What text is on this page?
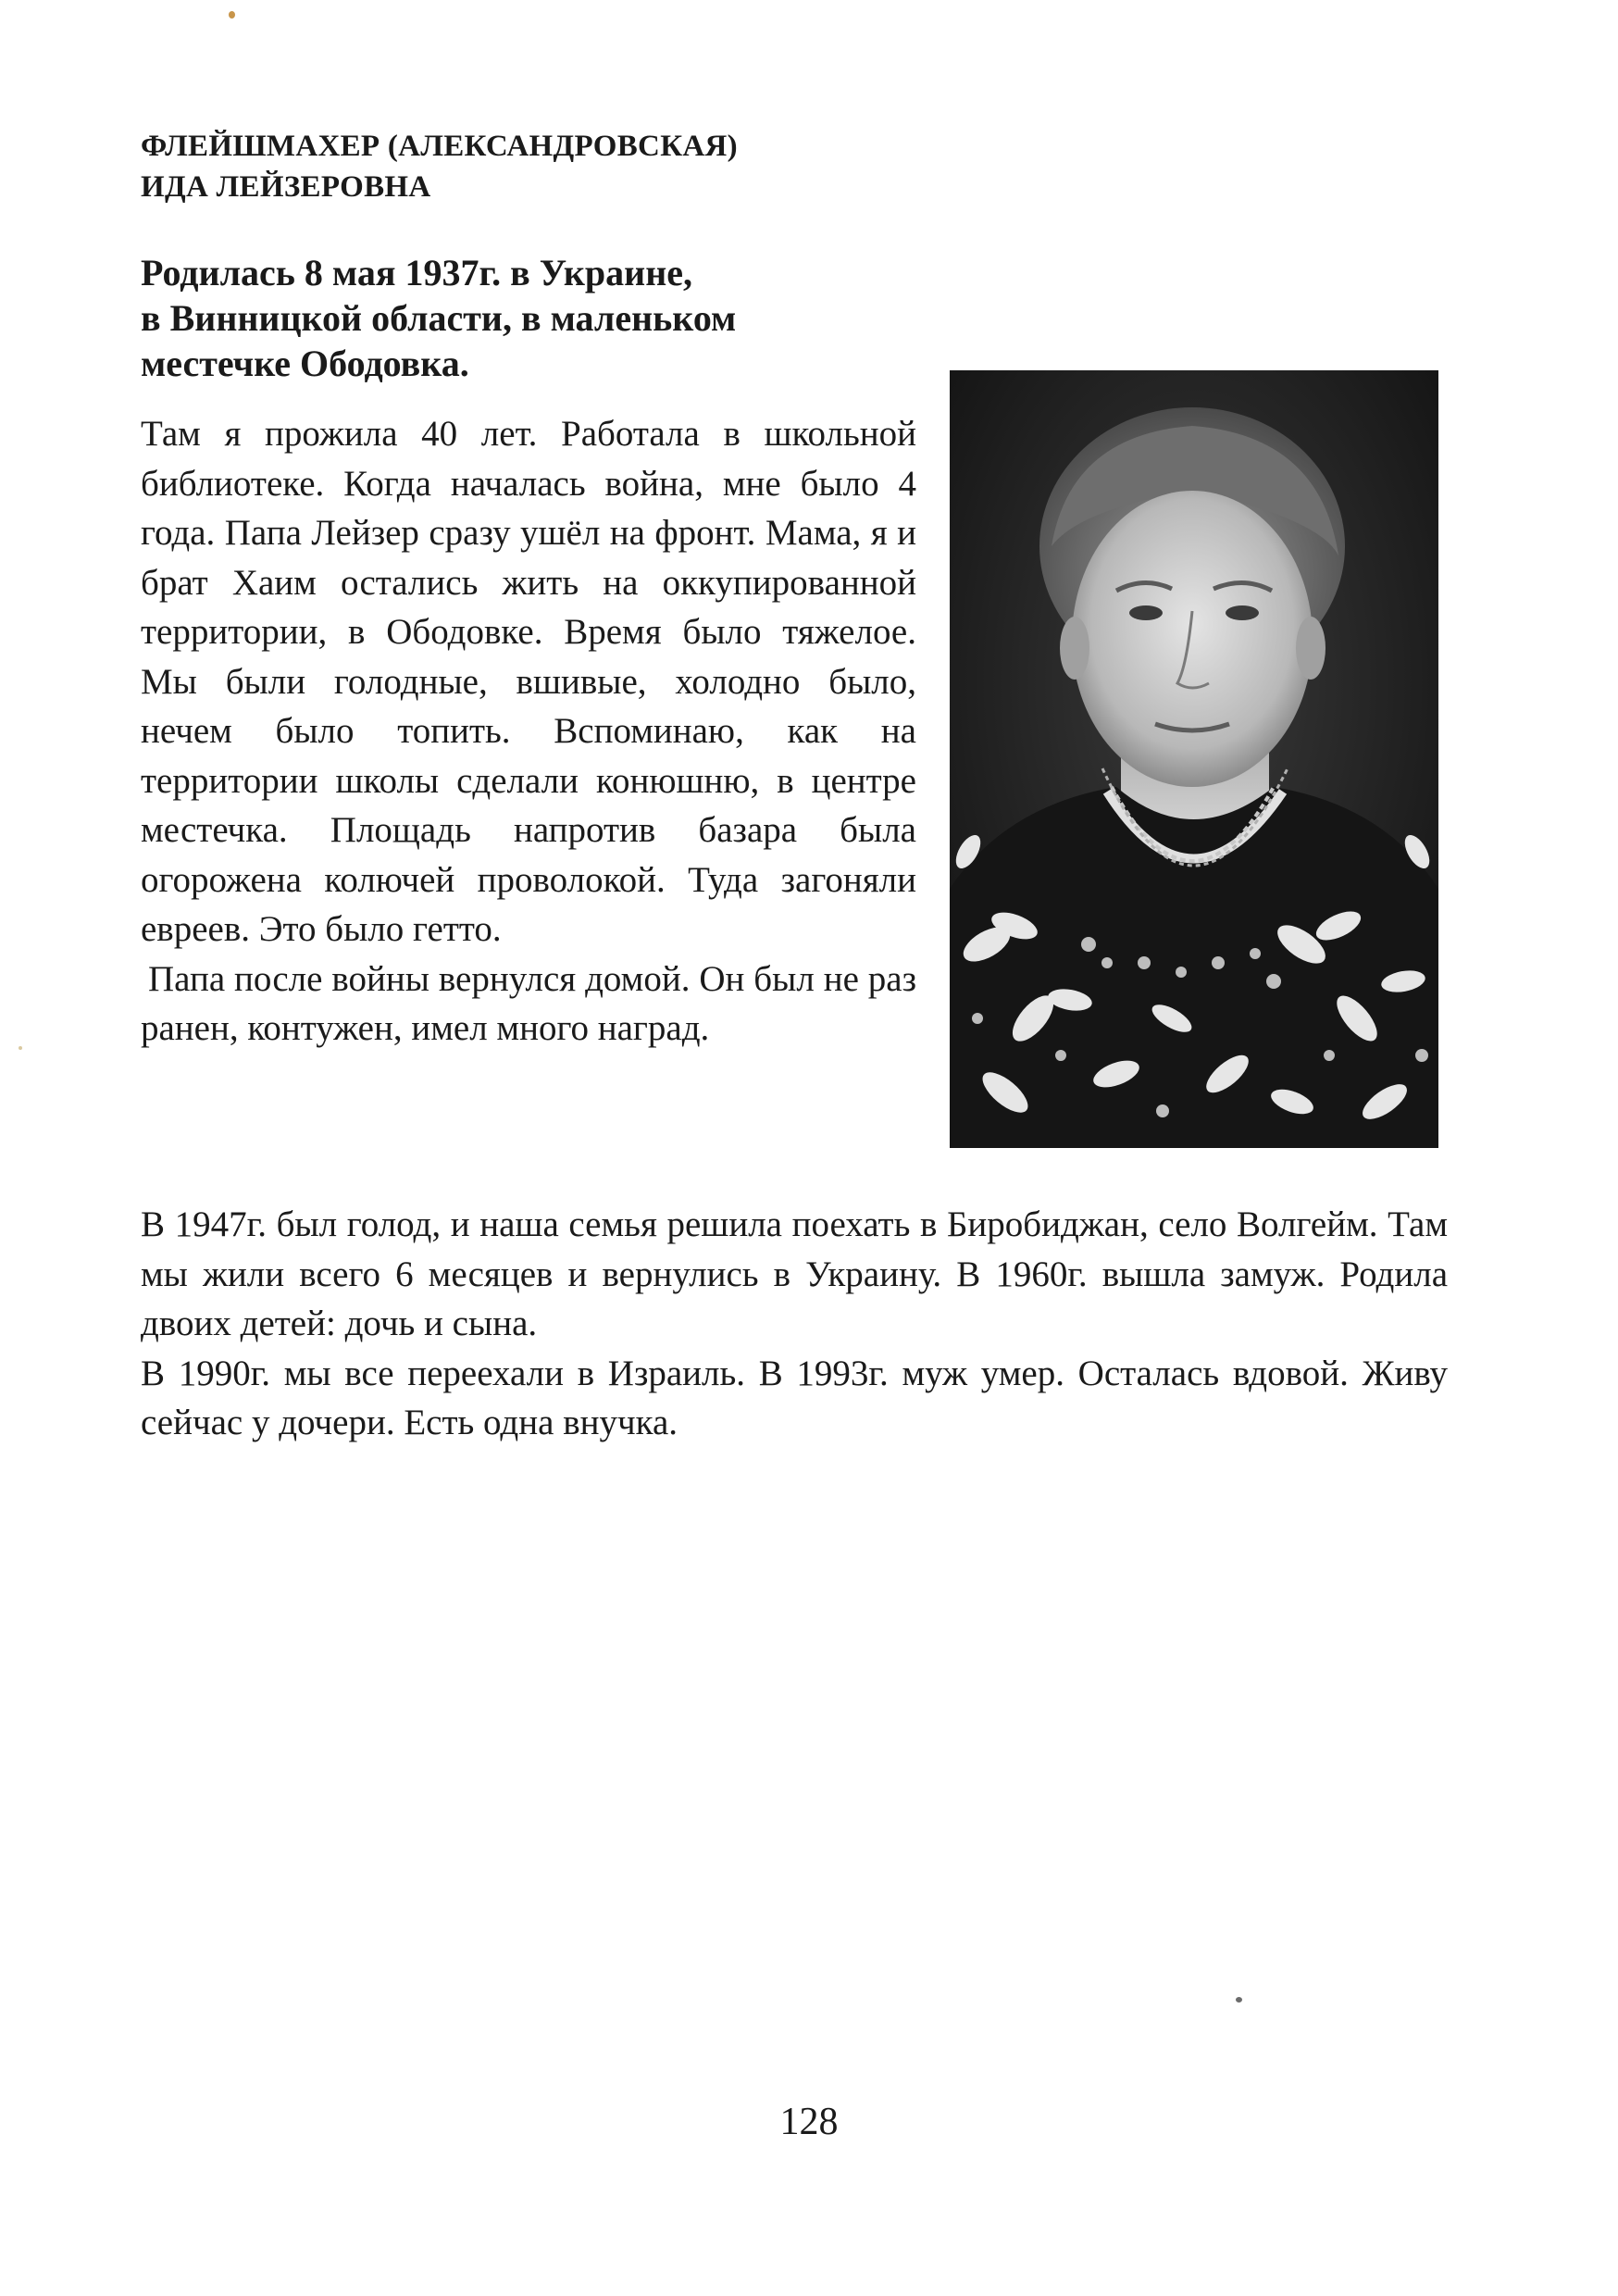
ФЛЕЙШМАХЕР (АЛЕКСАНДРОВСКАЯ)
ИДА ЛЕЙЗЕРОВНА
Родилась 8 мая 1937г. в Украине,
в Винницкой области, в маленьком
местечке Ободовка.

Там я прожила 40 лет. Работала в школьной библиотеке. Когда началась война, мне было 4 года. Папа Лейзер сразу ушёл на фронт. Мама, я и брат Хаим остались жить на оккупированной территории, в Ободовке. Время было тяжелое. Мы были голодные, вшивые, холодно было, нечем было топить. Вспоминаю, как на территории школы сделали конюшню, в центре местечка. Площадь напротив базара была огорожена колючей проволокой. Туда загоняли евреев. Это было гетто.

Папа после войны вернулся домой. Он был не раз ранен, контужен, имел много наград.

В 1947г. был голод, и наша семья решила поехать в Биробиджан, село Волгейм. Там мы жили всего 6 месяцев и вернулись в Украину. В 1960г. вышла замуж. Родила двоих детей: дочь и сына.

В 1990г. мы все переехали в Израиль. В 1993г. муж умер. Осталась вдовой. Живу сейчас у дочери. Есть одна внучка.

128
